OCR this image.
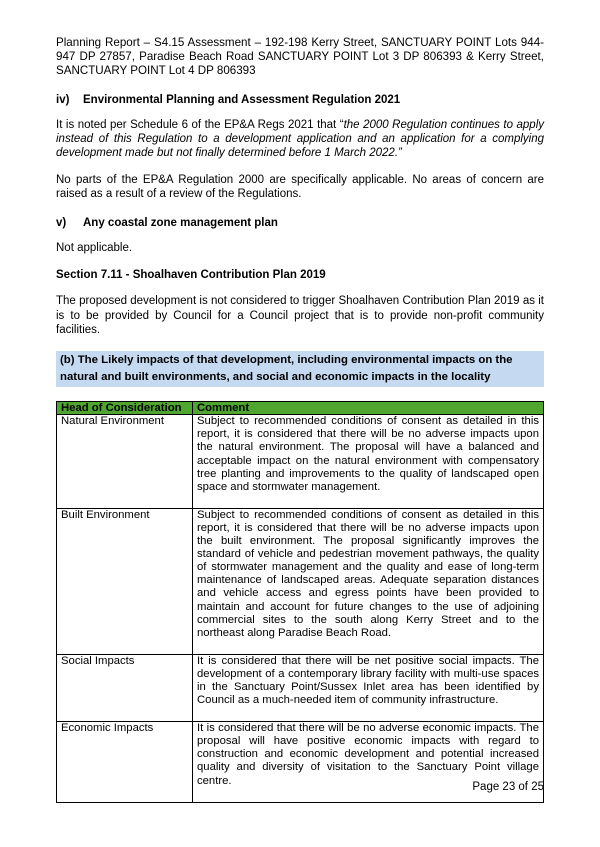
Planning Report – S4.15 Assessment – 192-198 Kerry Street, SANCTUARY POINT Lots 944-947 DP 27857, Paradise Beach Road SANCTUARY POINT Lot 3 DP 806393 & Kerry Street, SANCTUARY POINT Lot 4 DP 806393
iv) Environmental Planning and Assessment Regulation 2021

It is noted per Schedule 6 of the EP&A Regs 2021 that “the 2000 Regulation continues to apply instead of this Regulation to a development application and an application for a complying development made but not finally determined before 1 March 2022.”

No parts of the EP&A Regulation 2000 are specifically applicable. No areas of concern are raised as a result of a review of the Regulations.

v) Any coastal zone management plan

Not applicable.

Section 7.11 - Shoalhaven Contribution Plan 2019

The proposed development is not considered to trigger Shoalhaven Contribution Plan 2019 as it is to be provided by Council for a Council project that is to provide non-profit community facilities.

(b) The Likely impacts of that development, including environmental impacts on the natural and built environments, and social and economic impacts in the locality
Head of Consideration	Comment
Natural Environment	Subject to recommended conditions of consent as detailed in this report, it is considered that there will be no adverse impacts upon the natural environment. The proposal will have a balanced and acceptable impact on the natural environment with compensatory tree planting and improvements to the quality of landscaped open space and stormwater management.
Built Environment	Subject to recommended conditions of consent as detailed in this report, it is considered that there will be no adverse impacts upon the built environment. The proposal significantly improves the standard of vehicle and pedestrian movement pathways, the quality of stormwater management and the quality and ease of long-term maintenance of landscaped areas. Adequate separation distances and vehicle access and egress points have been provided to maintain and account for future changes to the use of adjoining commercial sites to the south along Kerry Street and to the northeast along Paradise Beach Road.
Social Impacts	It is considered that there will be net positive social impacts. The development of a contemporary library facility with multi-use spaces in the Sanctuary Point/Sussex Inlet area has been identified by Council as a much-needed item of community infrastructure.
Economic Impacts	It is considered that there will be no adverse economic impacts. The proposal will have positive economic impacts with regard to construction and economic development and potential increased quality and diversity of visitation to the Sanctuary Point village centre.
Page 23 of 25
